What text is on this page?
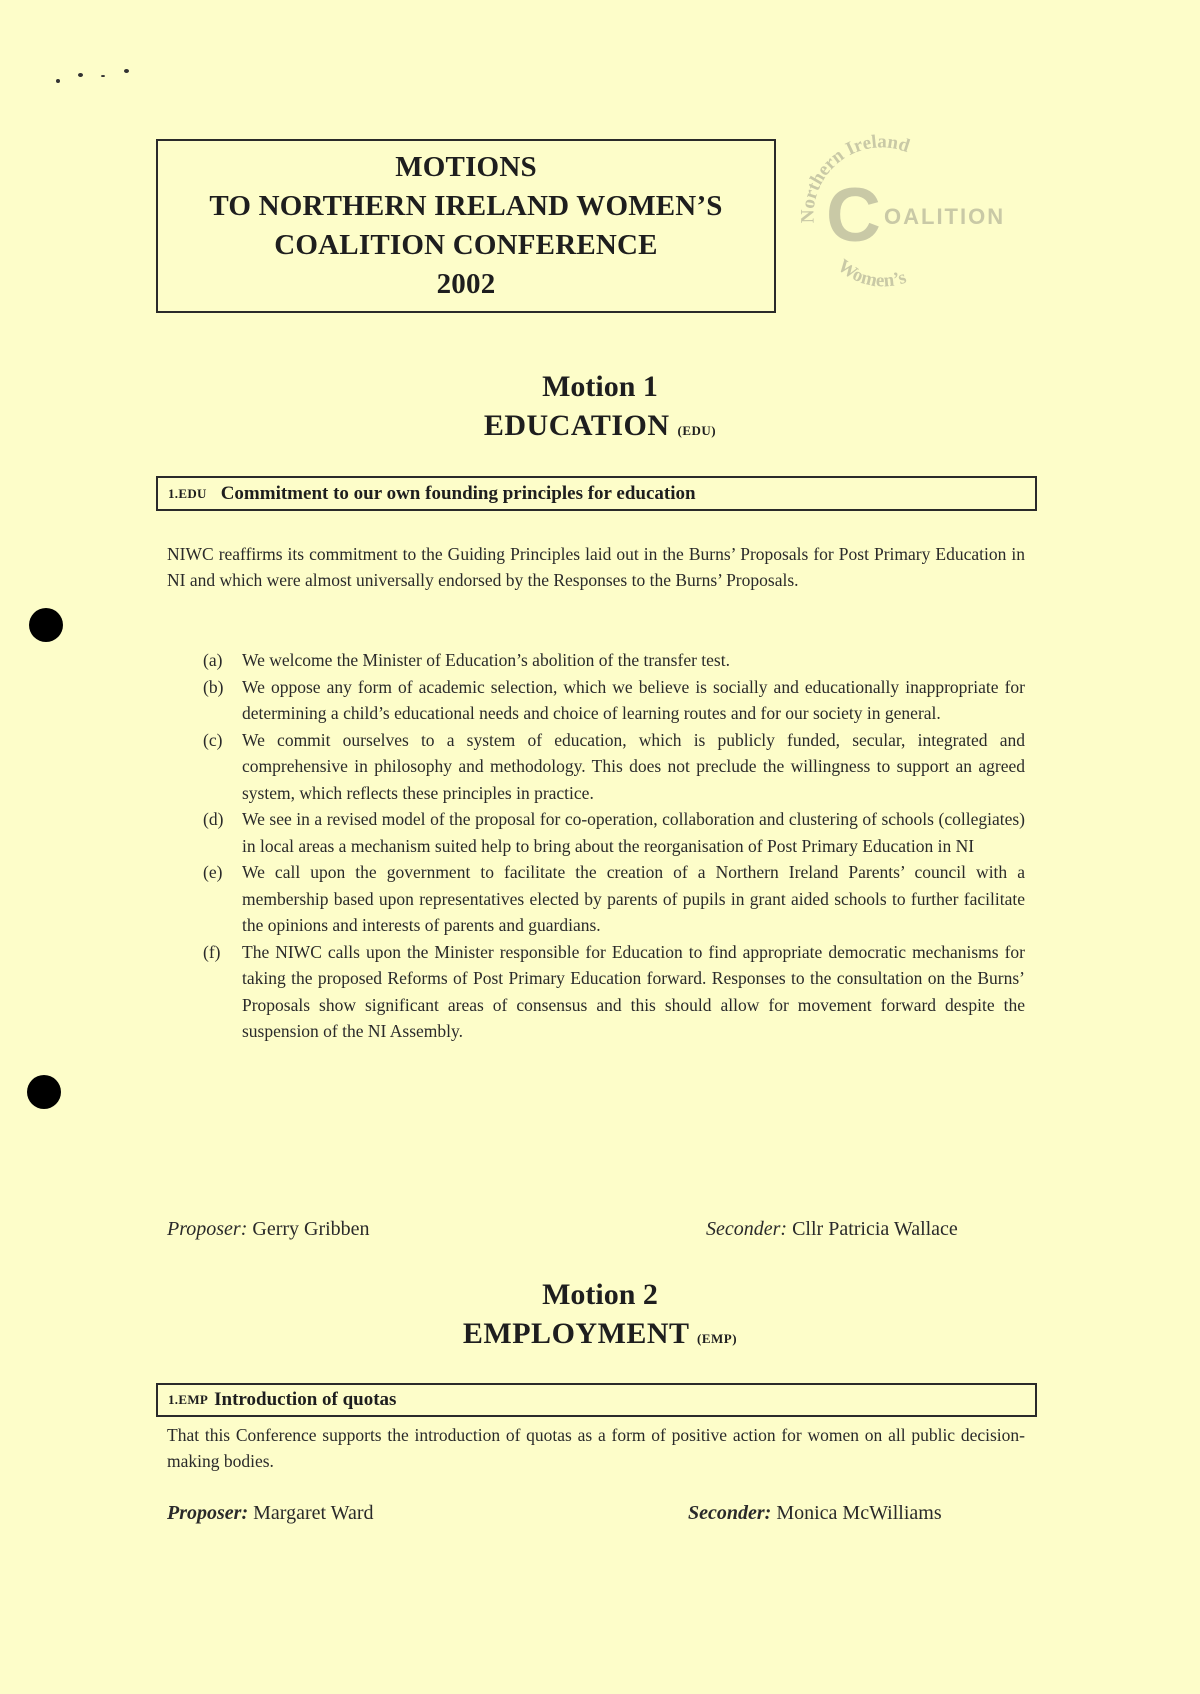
MOTIONS
TO NORTHERN IRELAND WOMEN’S
COALITION CONFERENCE
2002
Northern Ireland
Women’s
C OALITION
Motion 1
EDUCATION (EDU)
1.EDU Commitment to our own founding principles for education
NIWC reaffirms its commitment to the Guiding Principles laid out in the Burns’ Proposals for Post Primary Education in NI and which were almost universally endorsed by the Responses to the Burns’ Proposals.
(a) We welcome the Minister of Education’s abolition of the transfer test.
(b) We oppose any form of academic selection, which we believe is socially and educationally inappropriate for determining a child’s educational needs and choice of learning routes and for our society in general.
(c) We commit ourselves to a system of education, which is publicly funded, secular, integrated and comprehensive in philosophy and methodology. This does not preclude the willingness to support an agreed system, which reflects these principles in practice.
(d) We see in a revised model of the proposal for co-operation, collaboration and clustering of schools (collegiates) in local areas a mechanism suited help to bring about the reorganisation of Post Primary Education in NI
(e) We call upon the government to facilitate the creation of a Northern Ireland Parents’ council with a membership based upon representatives elected by parents of pupils in grant aided schools to further facilitate the opinions and interests of parents and guardians.
(f) The NIWC calls upon the Minister responsible for Education to find appropriate democratic mechanisms for taking the proposed Reforms of Post Primary Education forward. Responses to the consultation on the Burns’ Proposals show significant areas of consensus and this should allow for movement forward despite the suspension of the NI Assembly.
Proposer: Gerry Gribben	Seconder: Cllr Patricia Wallace
Motion 2
EMPLOYMENT (EMP)
1.EMP Introduction of quotas
That this Conference supports the introduction of quotas as a form of positive action for women on all public decision-making bodies.
Proposer: Margaret Ward	Seconder: Monica McWilliams
